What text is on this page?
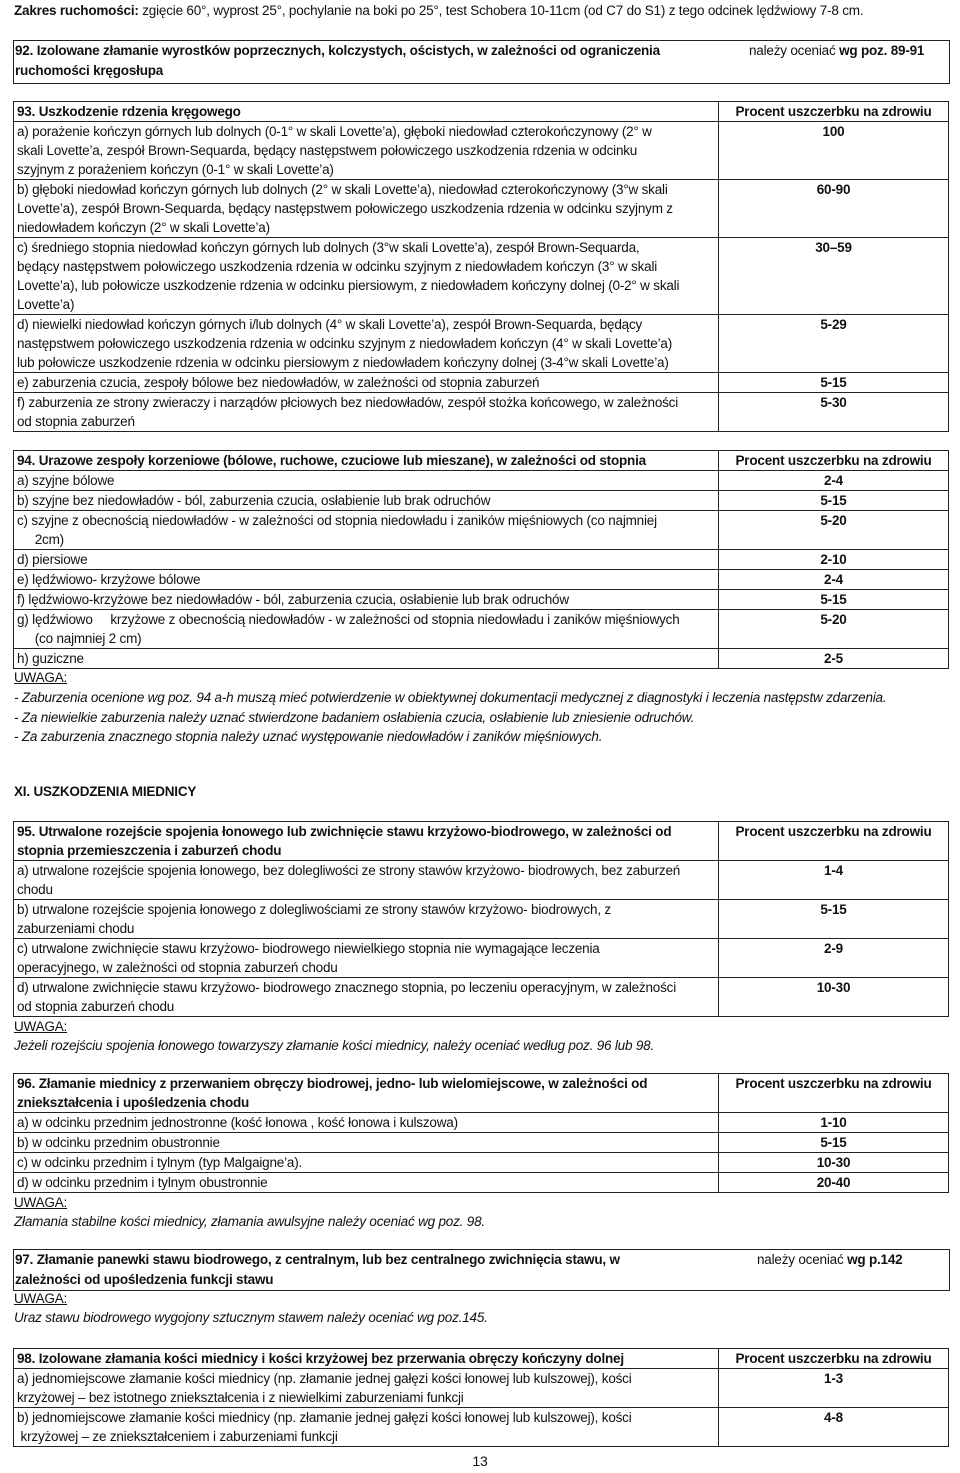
Zakres ruchomości: zgięcie 60°, wyprost 25°, pochylanie na boki po 25°, test Schobera 10-11cm (od C7 do S1) z tego odcinek lędźwiowy 7-8 cm.
92. Izolowane złamanie wyrostków poprzecznych, kolczystych, ościstych, w zależności od ograniczenia
ruchomości kręgosłupa
należy oceniać wg poz. 89-91
93. Uszkodzenie rdzenia kręgowego	Procent uszczerbku na zdrowiu

a) porażenie kończyn górnych lub dolnych (0-1° w skali Lovette’a), głęboki niedowład czterokończynowy (2° w
skali Lovette’a, zespół Brown-Sequarda, będący następstwem połowiczego uszkodzenia rdzenia w odcinku
szyjnym z porażeniem kończyn (0-1° w skali Lovette’a)	100

b) głęboki niedowład kończyn górnych lub dolnych (2° w skali Lovette’a), niedowład czterokończynowy (3°w skali
Lovette’a), zespół Brown-Sequarda, będący następstwem połowiczego uszkodzenia rdzenia w odcinku szyjnym z
niedowładem kończyn (2° w skali Lovette’a)	60-90

c) średniego stopnia niedowład kończyn górnych lub dolnych (3°w skali Lovette’a), zespół Brown-Sequarda,
będący następstwem połowiczego uszkodzenia rdzenia w odcinku szyjnym z niedowładem kończyn (3° w skali
Lovette’a), lub połowicze uszkodzenie rdzenia w odcinku piersiowym, z niedowładem kończyny dolnej (0-2° w skali
Lovette’a)	30–59

d) niewielki niedowład kończyn górnych i/lub dolnych (4° w skali Lovette’a), zespół Brown-Sequarda, będący
następstwem połowiczego uszkodzenia rdzenia w odcinku szyjnym z niedowładem kończyn (4° w skali Lovette’a)
lub połowicze uszkodzenie rdzenia w odcinku piersiowym z niedowładem kończyny dolnej (3-4°w skali Lovette’a)	5-29

e) zaburzenia czucia, zespoły bólowe bez niedowładów, w zależności od stopnia zaburzeń	5-15

f) zaburzenia ze strony zwieraczy i narządów płciowych bez niedowładów, zespół stożka końcowego, w zależności
od stopnia zaburzeń	5-30
94. Urazowe zespoły korzeniowe (bólowe, ruchowe, czuciowe lub mieszane), w zależności od stopnia	Procent uszczerbku na zdrowiu

a) szyjne bólowe	2-4

b) szyjne bez niedowładów - ból, zaburzenia czucia, osłabienie lub brak odruchów	5-15

c) szyjne z obecnością niedowładów - w zależności od stopnia niedowładu i zaników mięśniowych (co najmniej
2cm)	5-20

d) piersiowe	2-10

e) lędźwiowo- krzyżowe bólowe	2-4

f) lędźwiowo-krzyżowe bez niedowładów - ból, zaburzenia czucia, osłabienie lub brak odruchów	5-15

g) lędźwiowo     krzyżowe z obecnością niedowładów - w zależności od stopnia niedowładu i zaników mięśniowych
(co najmniej 2 cm)	5-20

h) guziczne	2-5
UWAGA:
- Zaburzenia ocenione wg poz. 94 a-h muszą mieć potwierdzenie w obiektywnej dokumentacji medycznej z diagnostyki i leczenia następstw zdarzenia.
- Za niewielkie zaburzenia należy uznać stwierdzone badaniem osłabienia czucia, osłabienie lub zniesienie odruchów.
- Za zaburzenia znacznego stopnia należy uznać występowanie niedowładów i zaników mięśniowych.
XI. USZKODZENIA MIEDNICY
95. Utrwalone rozejście spojenia łonowego lub zwichnięcie stawu krzyżowo-biodrowego, w zależności od
stopnia przemieszczenia i zaburzeń chodu	Procent uszczerbku na zdrowiu

a) utrwalone rozejście spojenia łonowego, bez dolegliwości ze strony stawów krzyżowo- biodrowych, bez zaburzeń
chodu	1-4

b) utrwalone rozejście spojenia łonowego z dolegliwościami ze strony stawów krzyżowo- biodrowych, z
zaburzeniami chodu	5-15

c) utrwalone zwichnięcie stawu krzyżowo- biodrowego niewielkiego stopnia nie wymagające leczenia
operacyjnego, w zależności od stopnia zaburzeń chodu	2-9

d) utrwalone zwichnięcie stawu krzyżowo- biodrowego znacznego stopnia, po leczeniu operacyjnym, w zależności
od stopnia zaburzeń chodu	10-30
UWAGA:
Jeżeli rozejściu spojenia łonowego towarzyszy złamanie kości miednicy, należy oceniać według poz. 96 lub 98.
96. Złamanie miednicy z przerwaniem obręczy biodrowej, jedno- lub wielomiejscowe, w zależności od
zniekształcenia i upośledzenia chodu	Procent uszczerbku na zdrowiu

a) w odcinku przednim jednostronne (kość łonowa , kość łonowa i kulszowa)	1-10

b) w odcinku przednim obustronnie	5-15

c) w odcinku przednim i tylnym (typ Malgaigne’a).	10-30

d) w odcinku przednim i tylnym obustronnie	20-40
UWAGA:
Złamania stabilne kości miednicy, złamania awulsyjne należy oceniać wg poz. 98.
97. Złamanie panewki stawu biodrowego, z centralnym, lub bez centralnego zwichnięcia stawu, w
zależności od upośledzenia funkcji stawu
należy oceniać wg p.142
UWAGA:
Uraz stawu biodrowego wygojony sztucznym stawem należy oceniać wg poz.145.
98. Izolowane złamania kości miednicy i kości krzyżowej bez przerwania obręczy kończyny dolnej	Procent uszczerbku na zdrowiu

a) jednomiejscowe złamanie kości miednicy (np. złamanie jednej gałęzi kości łonowej lub kulszowej), kości
krzyżowej – bez istotnego zniekształcenia i z niewielkimi zaburzeniami funkcji	1-3

b) jednomiejscowe złamanie kości miednicy (np. złamanie jednej gałęzi kości łonowej lub kulszowej), kości
krzyżowej – ze zniekształceniem i zaburzeniami funkcji	4-8
13
